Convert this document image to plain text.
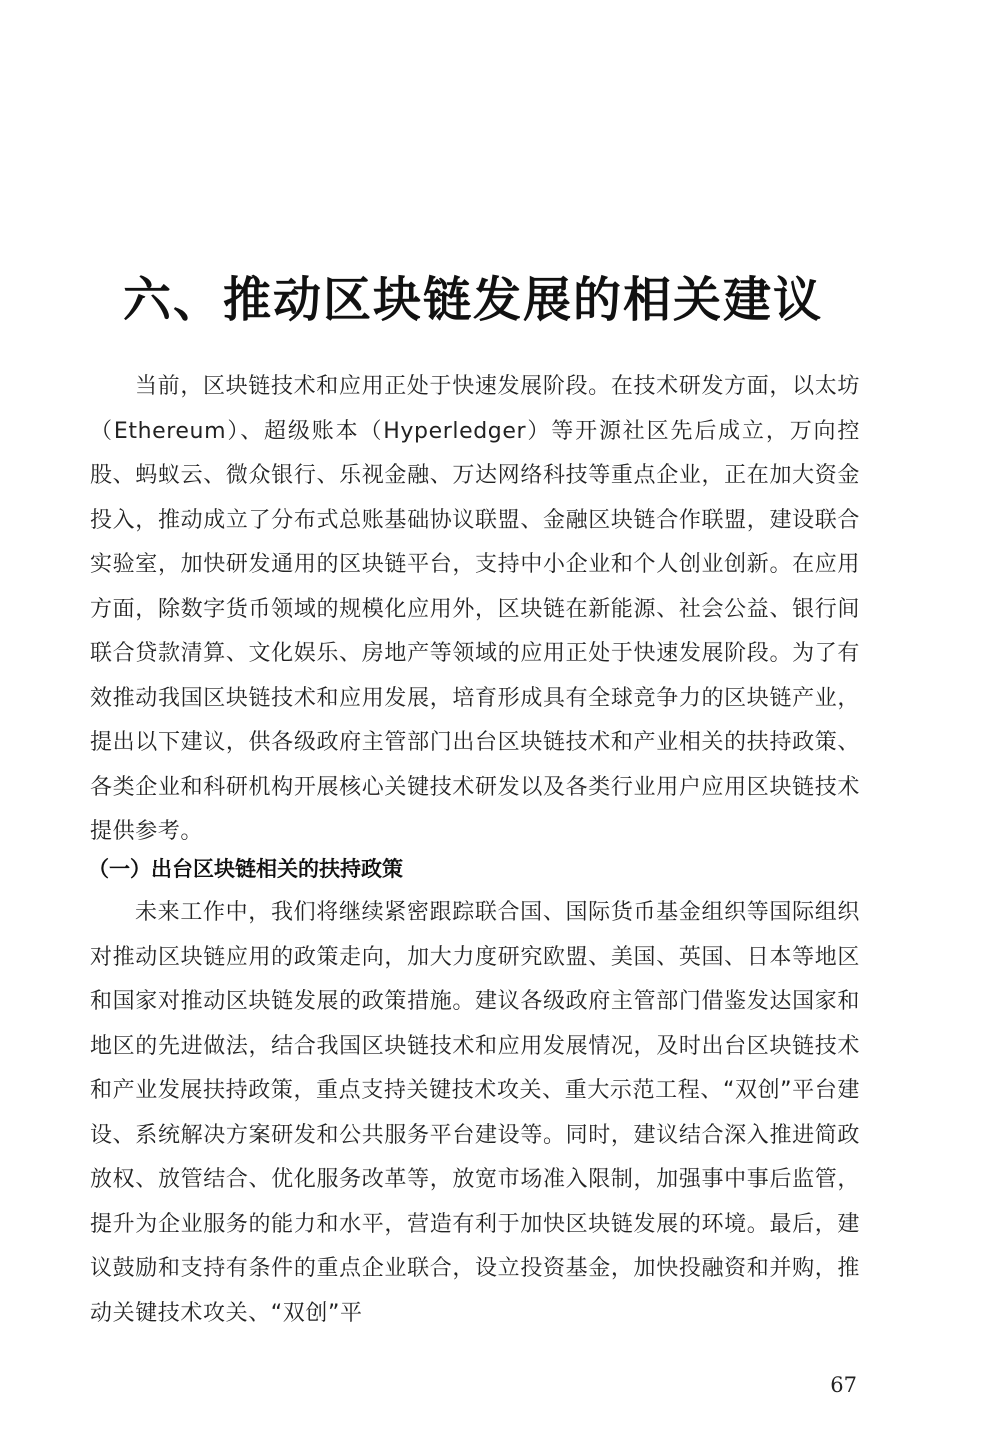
六、推动区块链发展的相关建议

当前，区块链技术和应用正处于快速发展阶段。在技术研发方面，以太坊（Ethereum）、超级账本（Hyperledger）等开源社区先后成立，万向控股、蚂蚁云、微众银行、乐视金融、万达网络科技等重点企业，正在加大资金投入，推动成立了分布式总账基础协议联盟、金融区块链合作联盟，建设联合实验室，加快研发通用的区块链平台，支持中小企业和个人创业创新。在应用方面，除数字货币领域的规模化应用外，区块链在新能源、社会公益、银行间联合贷款清算、文化娱乐、房地产等领域的应用正处于快速发展阶段。为了有效推动我国区块链技术和应用发展，培育形成具有全球竞争力的区块链产业，提出以下建议，供各级政府主管部门出台区块链技术和产业相关的扶持政策、各类企业和科研机构开展核心关键技术研发以及各类行业用户应用区块链技术提供参考。

（一）出台区块链相关的扶持政策

未来工作中，我们将继续紧密跟踪联合国、国际货币基金组织等国际组织对推动区块链应用的政策走向，加大力度研究欧盟、美国、英国、日本等地区和国家对推动区块链发展的政策措施。建议各级政府主管部门借鉴发达国家和地区的先进做法，结合我国区块链技术和应用发展情况，及时出台区块链技术和产业发展扶持政策，重点支持关键技术攻关、重大示范工程、“双创”平台建设、系统解决方案研发和公共服务平台建设等。同时，建议结合深入推进简政放权、放管结合、优化服务改革等，放宽市场准入限制，加强事中事后监管，提升为企业服务的能力和水平，营造有利于加快区块链发展的环境。最后，建议鼓励和支持有条件的重点企业联合，设立投资基金，加快投融资和并购，推动关键技术攻关、“双创”平

67
